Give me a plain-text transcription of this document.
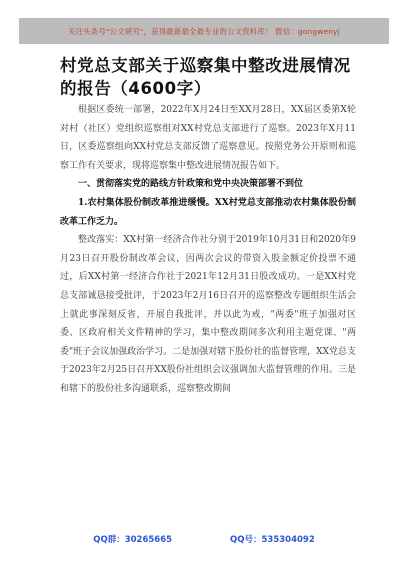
关注头条号"公文研究"，获得最新最全最专业的公文资料库！ 微信：gongwenyj
村党总支部关于巡察集中整改进展情况的报告（4600字）

根据区委统一部署，2022年X月24日至XX月28日，XX届区委第X轮对村（社区）党组织巡察组对XX村党总支部进行了巡察。2023年X月11日，区委巡察组向XX村党总支部反馈了巡察意见。按照党务公开原则和巡察工作有关要求，现将巡察集中整改进展情况报告如下。

一、贯彻落实党的路线方针政策和党中央决策部署不到位

1.农村集体股份制改革推进缓慢。XX村党总支部推动农村集体股份制改革工作乏力。

整改落实：XX村第一经济合作社分别于2019年10月31日和2020年9月23日召开股份制改革会议，因两次会议的带资入股金额定价投票不通过，后XX村第一经济合作社于2021年12月31日股改成功。一是XX村党总支部诚恳接受批评，于2023年2月16日召开的巡察整改专题组织生活会上就此事深刻反省，开展自我批评，并以此为戒，"两委"班子加强对区委、区政府相关文件精神的学习，集中整改期间多次利用主题党课、"两委"班子会议加强政治学习。二是加强对辖下股份社的监督管理，XX党总支于2023年2月25日召开XX股份社组织会议强调加大监督管理的作用。三是和辖下的股份社多沟通联系，巡察整改期间

QQ群：30265665	QQ号：535304092
